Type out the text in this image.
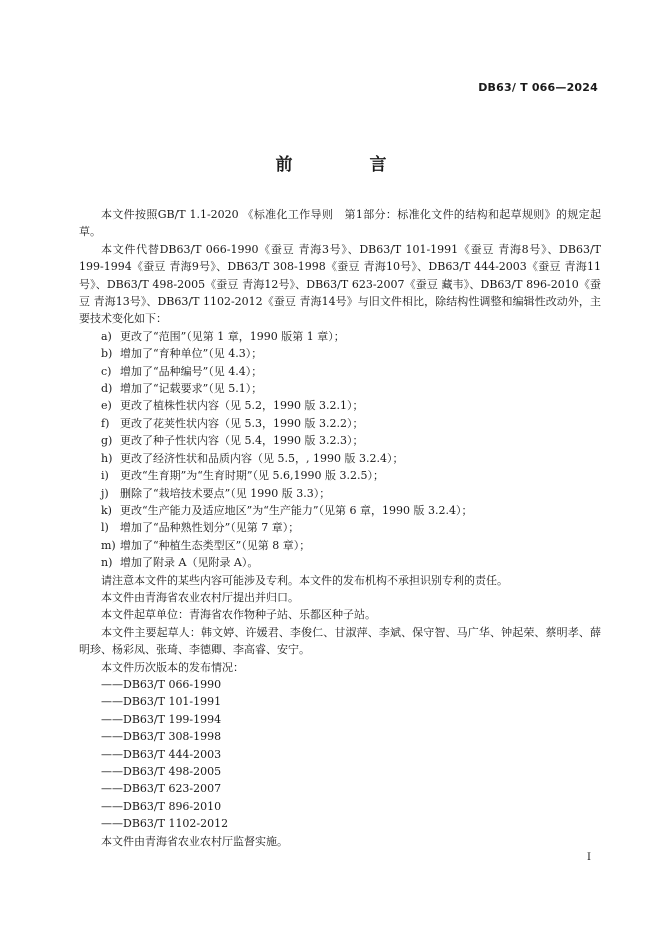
DB63/ T 066—2024
前　言

本文件按照GB/T 1.1-2020 《标准化工作导则　第1部分：标准化文件的结构和起草规则》的规定起草。

本文件代替DB63/T 066-1990《蚕豆 青海3号》、DB63/T 101-1991《蚕豆 青海8号》、DB63/T 199-1994《蚕豆 青海9号》、DB63/T 308-1998《蚕豆 青海10号》、DB63/T 444-2003《蚕豆 青海11号》、DB63/T 498-2005《蚕豆 青海12号》、DB63/T 623-2007《蚕豆 藏韦》、DB63/T 896-2010《蚕豆 青海13号》、DB63/T 1102-2012《蚕豆 青海14号》与旧文件相比，除结构性调整和编辑性改动外，主要技术变化如下：

a) 更改了“范围”（见第 1 章，1990 版第 1 章）；
b) 增加了“育种单位”（见 4.3）；
c) 增加了“品种编号”（见 4.4）；
d) 增加了“记载要求”（见 5.1）；
e) 更改了植株性状内容（见 5.2，1990 版 3.2.1）；
f) 更改了花荚性状内容（见 5.3，1990 版 3.2.2）；
g) 更改了种子性状内容（见 5.4，1990 版 3.2.3）；
h) 更改了经济性状和品质内容（见 5.5，, 1990 版 3.2.4）；
i) 更改“生育期”为“生育时期”（见 5.6,1990 版 3.2.5）；
j) 删除了“栽培技术要点”（见 1990 版 3.3）；
k) 更改“生产能力及适应地区”为“生产能力”（见第 6 章，1990 版 3.2.4）；
l) 增加了“品种熟性划分”（见第 7 章）；
m) 增加了“种植生态类型区”（见第 8 章）；
n) 增加了附录 A（见附录 A）。

请注意本文件的某些内容可能涉及专利。本文件的发布机构不承担识别专利的责任。

本文件由青海省农业农村厅提出并归口。

本文件起草单位：青海省农作物种子站、乐都区种子站。

本文件主要起草人：韩文婷、许媛君、李俊仁、甘淑萍、李斌、保守智、马广华、钟起荣、蔡明孝、薛明珍、杨彩凤、张琦、李德卿、李高睿、安宁。

本文件历次版本的发布情况：

——DB63/T 066-1990
——DB63/T 101-1991
——DB63/T 199-1994
——DB63/T 308-1998
——DB63/T 444-2003
——DB63/T 498-2005
——DB63/T 623-2007
——DB63/T 896-2010
——DB63/T 1102-2012

本文件由青海省农业农村厅监督实施。

I
